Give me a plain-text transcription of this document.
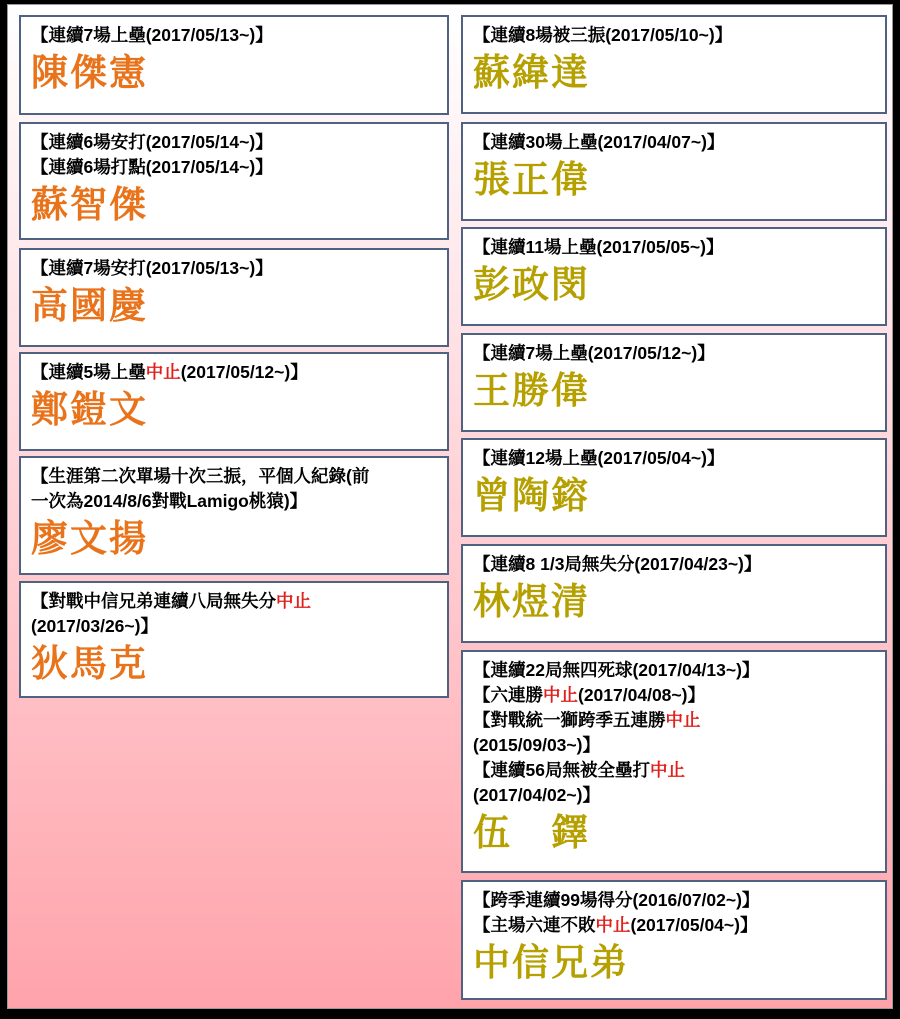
【連續7場上壘(2017/05/13~)】
陳傑憲
【連續6場安打(2017/05/14~)】
【連續6場打點(2017/05/14~)】
蘇智傑
【連續7場安打(2017/05/13~)】
高國慶
【連續5場上壘中止(2017/05/12~)】
鄭鎧文
【生涯第二次單場十次三振，平個人紀錄(前
一次為2014/8/6對戰Lamigo桃猿)】
廖文揚
【對戰中信兄弟連續八局無失分中止
(2017/03/26~)】
狄馬克
【連續8場被三振(2017/05/10~)】
蘇緯達
【連續30場上壘(2017/04/07~)】
張正偉
【連續11場上壘(2017/05/05~)】
彭政閔
【連續7場上壘(2017/05/12~)】
王勝偉
【連續12場上壘(2017/05/04~)】
曾陶鎔
【連續8 1/3局無失分(2017/04/23~)】
林煜清
【連續22局無四死球(2017/04/13~)】
【六連勝中止(2017/04/08~)】
【對戰統一獅跨季五連勝中止
(2015/09/03~)】
【連續56局無被全壘打中止
(2017/04/02~)】
伍　鐸
【跨季連續99場得分(2016/07/02~)】
【主場六連不敗中止(2017/05/04~)】
中信兄弟
